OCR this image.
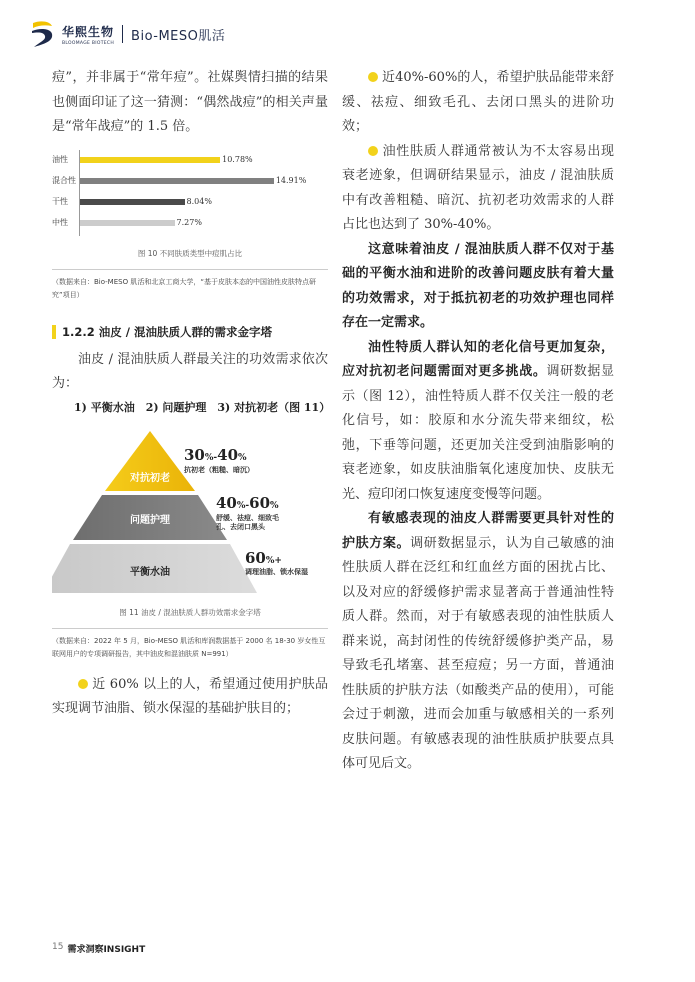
华熙生物
BLOOMAGE BIOTECH Bio-MESO肌活

痘”，并非属于“常年痘”。社媒舆情扫描的结果也侧面印证了这一猜测：“偶然战痘”的相关声量是“常年战痘”的 1.5 倍。

油性	10.78%
混合性	14.91%
干性	8.04%
中性	7.27%
图 10 不同肤质类型中痘肌占比
（数据来自：Bio-MESO 肌活和北京工商大学，“基于皮肤本态的中国油性皮肤特点研究”项目）
1.2.2 油皮 / 混油肤质人群的需求金字塔

油皮 / 混油肤质人群最关注的功效需求依次为：

1) 平衡水油　2) 问题护理　3) 对抗初老（图 11）

对抗初老
问题护理
平衡水油
30%-40%
抗初老（粗糙、暗沉）
40%-60%
舒缓、祛痘、细致毛孔、去闭口黑头
60%+
调理油脂、锁水保湿
图 11 油皮 / 混油肤质人群功效需求金字塔
（数据来自：2022 年 5 月，Bio-MESO 肌活和库润数据基于 2000 名 18-30 岁女性互联网用户的专项调研报告，其中油皮和混油肤质 N=991）

近 60% 以上的人，希望通过使用护肤品实现调节油脂、锁水保湿的基础护肤目的；

近40%-60%的人，希望护肤品能带来舒缓、祛痘、细致毛孔、去闭口黑头的进阶功效；

油性肤质人群通常被认为不太容易出现衰老迹象，但调研结果显示，油皮 / 混油肤质中有改善粗糙、暗沉、抗初老功效需求的人群占比也达到了 30%-40%。

这意味着油皮 / 混油肤质人群不仅对于基础的平衡水油和进阶的改善问题皮肤有着大量的功效需求，对于抵抗初老的功效护理也同样存在一定需求。

油性特质人群认知的老化信号更加复杂，应对抗初老问题需面对更多挑战。调研数据显示（图 12），油性特质人群不仅关注一般的老化信号，如：胶原和水分流失带来细纹，松弛，下垂等问题，还更加关注受到油脂影响的衰老迹象，如皮肤油脂氧化速度加快、皮肤无光、痘印闭口恢复速度变慢等问题。

有敏感表现的油皮人群需要更具针对性的护肤方案。调研数据显示，认为自己敏感的油性肤质人群在泛红和红血丝方面的困扰占比、以及对应的舒缓修护需求显著高于普通油性特质人群。然而，对于有敏感表现的油性肤质人群来说，高封闭性的传统舒缓修护类产品，易导致毛孔堵塞、甚至痘痘；另一方面，普通油性肤质的护肤方法（如酸类产品的使用），可能会过于刺激，进而会加重与敏感相关的一系列皮肤问题。有敏感表现的油性肤质护肤要点具体可见后文。

15 需求洞察INSIGHT
